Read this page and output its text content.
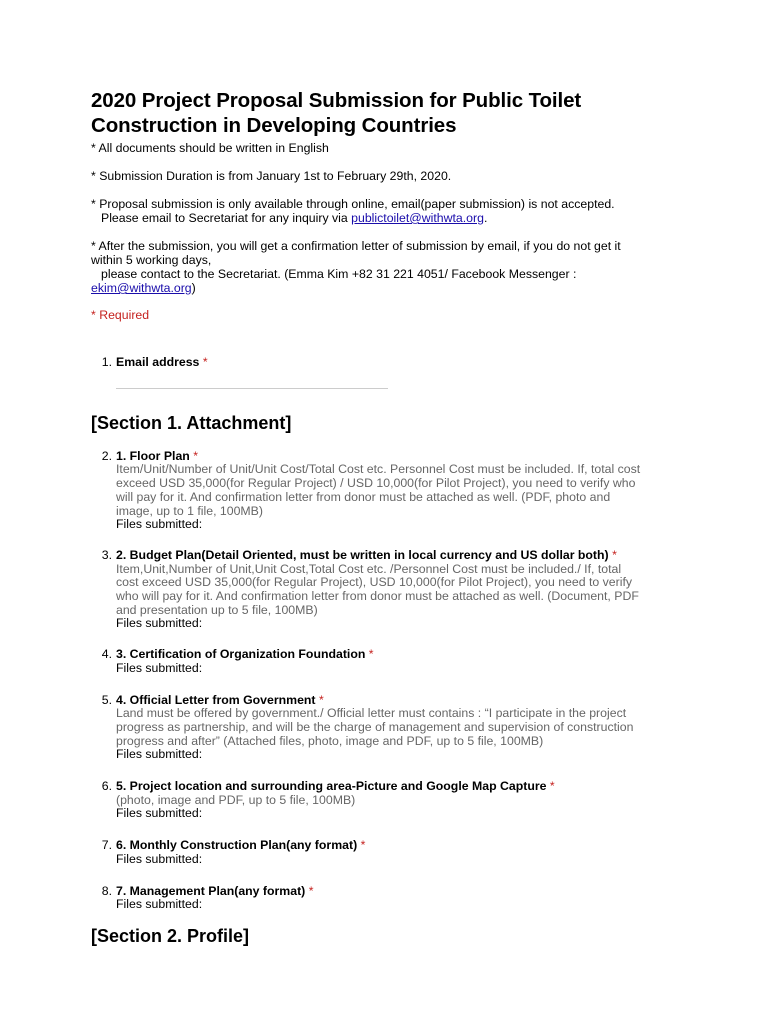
2020 Project Proposal Submission for Public Toilet
Construction in Developing Countries

* All documents should be written in English

* Submission Duration is from January 1st to February 29th, 2020.

* Proposal submission is only available through online, email(paper submission) is not accepted.
Please email to Secretariat for any inquiry via publictoilet@withwta.org.

* After the submission, you will get a confirmation letter of submission by email, if you do not get it
within 5 working days,
please contact to the Secretariat. (Emma Kim +82 31 221 4051/ Facebook Messenger :
ekim@withwta.org)

* Required

1. Email address *
[Section 1. Attachment]
2. 1. Floor Plan *
Item/Unit/Number of Unit/Unit Cost/Total Cost etc. Personnel Cost must be included. If, total cost
exceed USD 35,000(for Regular Project) / USD 10,000(for Pilot Project), you need to verify who
will pay for it. And confirmation letter from donor must be attached as well. (PDF, photo and
image, up to 1 file, 100MB)
Files submitted:
3. 2. Budget Plan(Detail Oriented, must be written in local currency and US dollar both) *
Item,Unit,Number of Unit,Unit Cost,Total Cost etc. /Personnel Cost must be included./ If, total
cost exceed USD 35,000(for Regular Project), USD 10,000(for Pilot Project), you need to verify
who will pay for it. And confirmation letter from donor must be attached as well. (Document, PDF
and presentation up to 5 file, 100MB)
Files submitted:
4. 3. Certification of Organization Foundation *
Files submitted:
5. 4. Official Letter from Government *
Land must be offered by government./ Official letter must contains : “I participate in the project
progress as partnership, and will be the charge of management and supervision of construction
progress and after” (Attached files, photo, image and PDF, up to 5 file, 100MB)
Files submitted:
6. 5. Project location and surrounding area-Picture and Google Map Capture *
(photo, image and PDF, up to 5 file, 100MB)
Files submitted:
7. 6. Monthly Construction Plan(any format) *
Files submitted:
8. 7. Management Plan(any format) *
Files submitted:
[Section 2. Profile]
